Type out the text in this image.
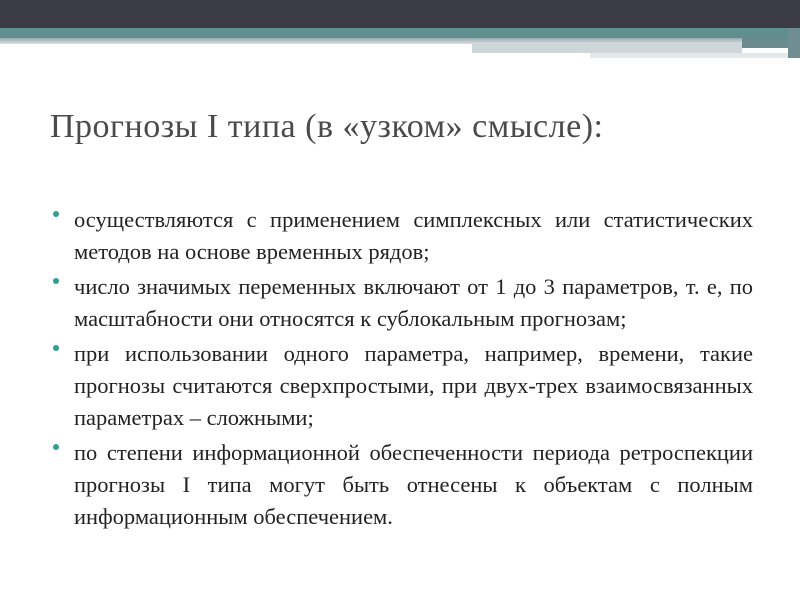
Прогнозы I типа (в «узком» смысле):
осуществляются с применением симплексных или статистических методов на основе временных рядов;
число значимых переменных включают от 1 до 3 параметров, т. е, по масштабности они относятся к сублокальным прогнозам;
при использовании одного параметра, например, времени, такие прогнозы считаются сверхпростыми, при двух-трех взаимосвязанных параметрах – сложными;
по степени информационной обеспеченности периода ретроспекции прогнозы I типа могут быть отнесены к объектам с полным информационным обеспечением.
